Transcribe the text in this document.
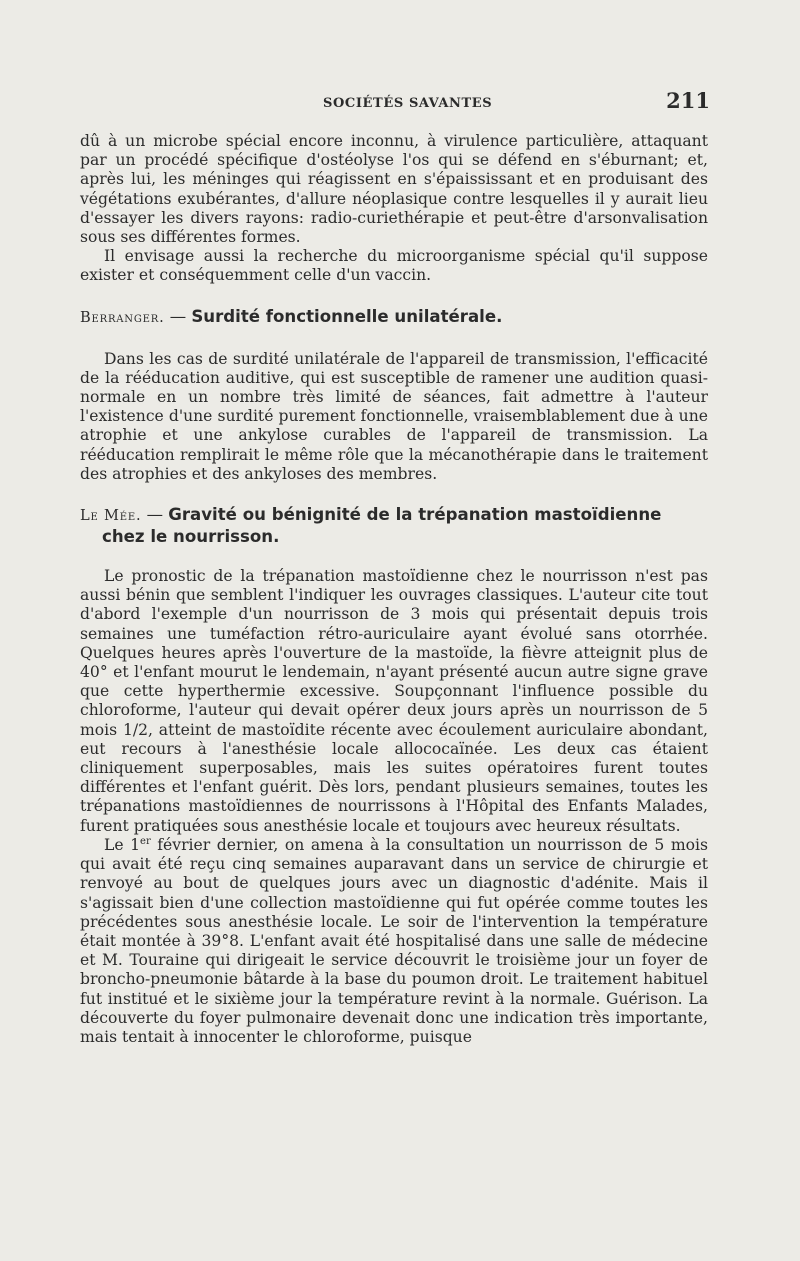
SOCIÉTÉS SAVANTES	211

dû à un microbe spécial encore inconnu, à virulence particulière, attaquant par un procédé spécifique d'ostéolyse l'os qui se défend en s'éburnant; et, après lui, les méninges qui réagissent en s'épaississant et en produisant des végétations exubérantes, d'allure néoplasique contre lesquelles il y aurait lieu d'essayer les divers rayons: radio-curiethérapie et peut-être d'arsonvalisation sous ses différentes formes.

Il envisage aussi la recherche du microorganisme spécial qu'il suppose exister et conséquemment celle d'un vaccin.

Berranger. — Surdité fonctionnelle unilatérale.

Dans les cas de surdité unilatérale de l'appareil de transmission, l'efficacité de la rééducation auditive, qui est susceptible de ramener une audition quasi-normale en un nombre très limité de séances, fait admettre à l'auteur l'existence d'une surdité purement fonctionnelle, vraisemblablement due à une atrophie et une ankylose curables de l'appareil de transmission. La rééducation remplirait le même rôle que la mécanothérapie dans le traitement des atrophies et des ankyloses des membres.

Le Mée. — Gravité ou bénignité de la trépanation mastoïdienne chez le nourrisson.

Le pronostic de la trépanation mastoïdienne chez le nourrisson n'est pas aussi bénin que semblent l'indiquer les ouvrages classiques. L'auteur cite tout d'abord l'exemple d'un nourrisson de 3 mois qui présentait depuis trois semaines une tuméfaction rétro-auriculaire ayant évolué sans otorrhée. Quelques heures après l'ouverture de la mastoïde, la fièvre atteignit plus de 40° et l'enfant mourut le lendemain, n'ayant présenté aucun autre signe grave que cette hyperthermie excessive. Soupçonnant l'influence possible du chloroforme, l'auteur qui devait opérer deux jours après un nourrisson de 5 mois 1/2, atteint de mastoïdite récente avec écoulement auriculaire abondant, eut recours à l'anesthésie locale allococaïnée. Les deux cas étaient cliniquement superposables, mais les suites opératoires furent toutes différentes et l'enfant guérit. Dès lors, pendant plusieurs semaines, toutes les trépanations mastoïdiennes de nourrissons à l'Hôpital des Enfants Malades, furent pratiquées sous anesthésie locale et toujours avec heureux résultats.

Le 1er février dernier, on amena à la consultation un nourrisson de 5 mois qui avait été reçu cinq semaines auparavant dans un service de chirurgie et renvoyé au bout de quelques jours avec un diagnostic d'adénite. Mais il s'agissait bien d'une collection mastoïdienne qui fut opérée comme toutes les précédentes sous anesthésie locale. Le soir de l'intervention la température était montée à 39°8. L'enfant avait été hospitalisé dans une salle de médecine et M. Touraine qui dirigeait le service découvrit le troisième jour un foyer de broncho-pneumonie bâtarde à la base du poumon droit. Le traitement habituel fut institué et le sixième jour la température revint à la normale. Guérison. La découverte du foyer pulmonaire devenait donc une indication très importante, mais tentait à innocenter le chloroforme, puisque
